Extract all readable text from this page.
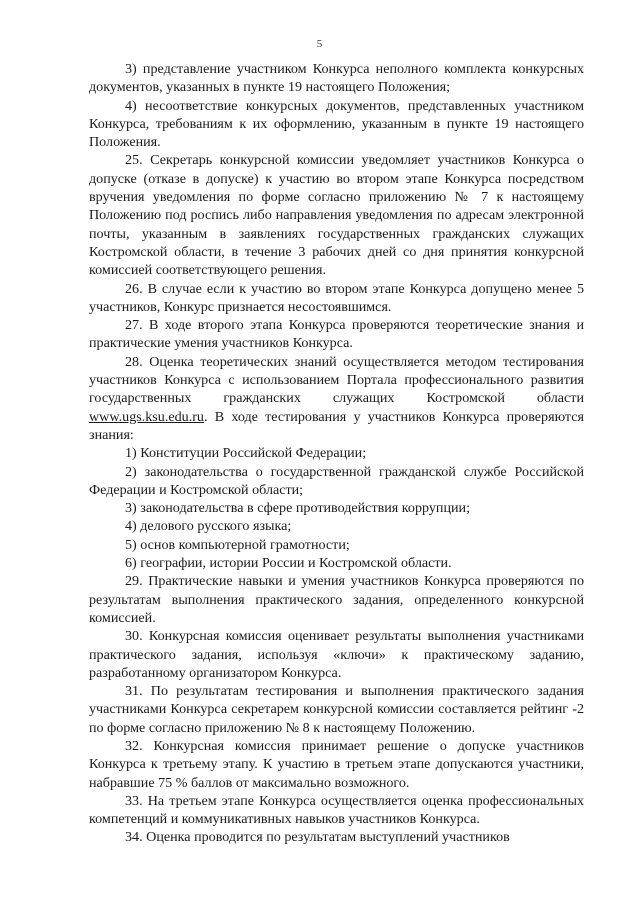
5

3) представление участником Конкурса неполного комплекта конкурсных документов, указанных в пункте 19 настоящего Положения;

4) несоответствие конкурсных документов, представленных участником Конкурса, требованиям к их оформлению, указанным в пункте 19 настоящего Положения.

25. Секретарь конкурсной комиссии уведомляет участников Конкурса о допуске (отказе в допуске) к участию во втором этапе Конкурса посредством вручения уведомления по форме согласно приложению № 7 к настоящему Положению под роспись либо направления уведомления по адресам электронной почты, указанным в заявлениях государственных гражданских служащих Костромской области, в течение 3 рабочих дней со дня принятия конкурсной комиссией соответствующего решения.

26. В случае если к участию во втором этапе Конкурса допущено менее 5 участников, Конкурс признается несостоявшимся.

27. В ходе второго этапа Конкурса проверяются теоретические знания и практические умения участников Конкурса.

28. Оценка теоретических знаний осуществляется методом тестирования участников Конкурса с использованием Портала профессионального развития государственных гражданских служащих Костромской области www.ugs.ksu.edu.ru. В ходе тестирования у участников Конкурса проверяются знания:

1) Конституции Российской Федерации;

2) законодательства о государственной гражданской службе Российской Федерации и Костромской области;

3) законодательства в сфере противодействия коррупции;

4) делового русского языка;

5) основ компьютерной грамотности;

6) географии, истории России и Костромской области.

29. Практические навыки и умения участников Конкурса проверяются по результатам выполнения практического задания, определенного конкурсной комиссией.

30. Конкурсная комиссия оценивает результаты выполнения участниками практического задания, используя «ключи» к практическому заданию, разработанному организатором Конкурса.

31. По результатам тестирования и выполнения практического задания участниками Конкурса секретарем конкурсной комиссии составляется рейтинг -2 по форме согласно приложению № 8 к настоящему Положению.

32. Конкурсная комиссия принимает решение о допуске участников Конкурса к третьему этапу. К участию в третьем этапе допускаются участники, набравшие 75 % баллов от максимально возможного.

33. На третьем этапе Конкурса осуществляется оценка профессиональных компетенций и коммуникативных навыков участников Конкурса.

34. Оценка проводится по результатам выступлений участников
